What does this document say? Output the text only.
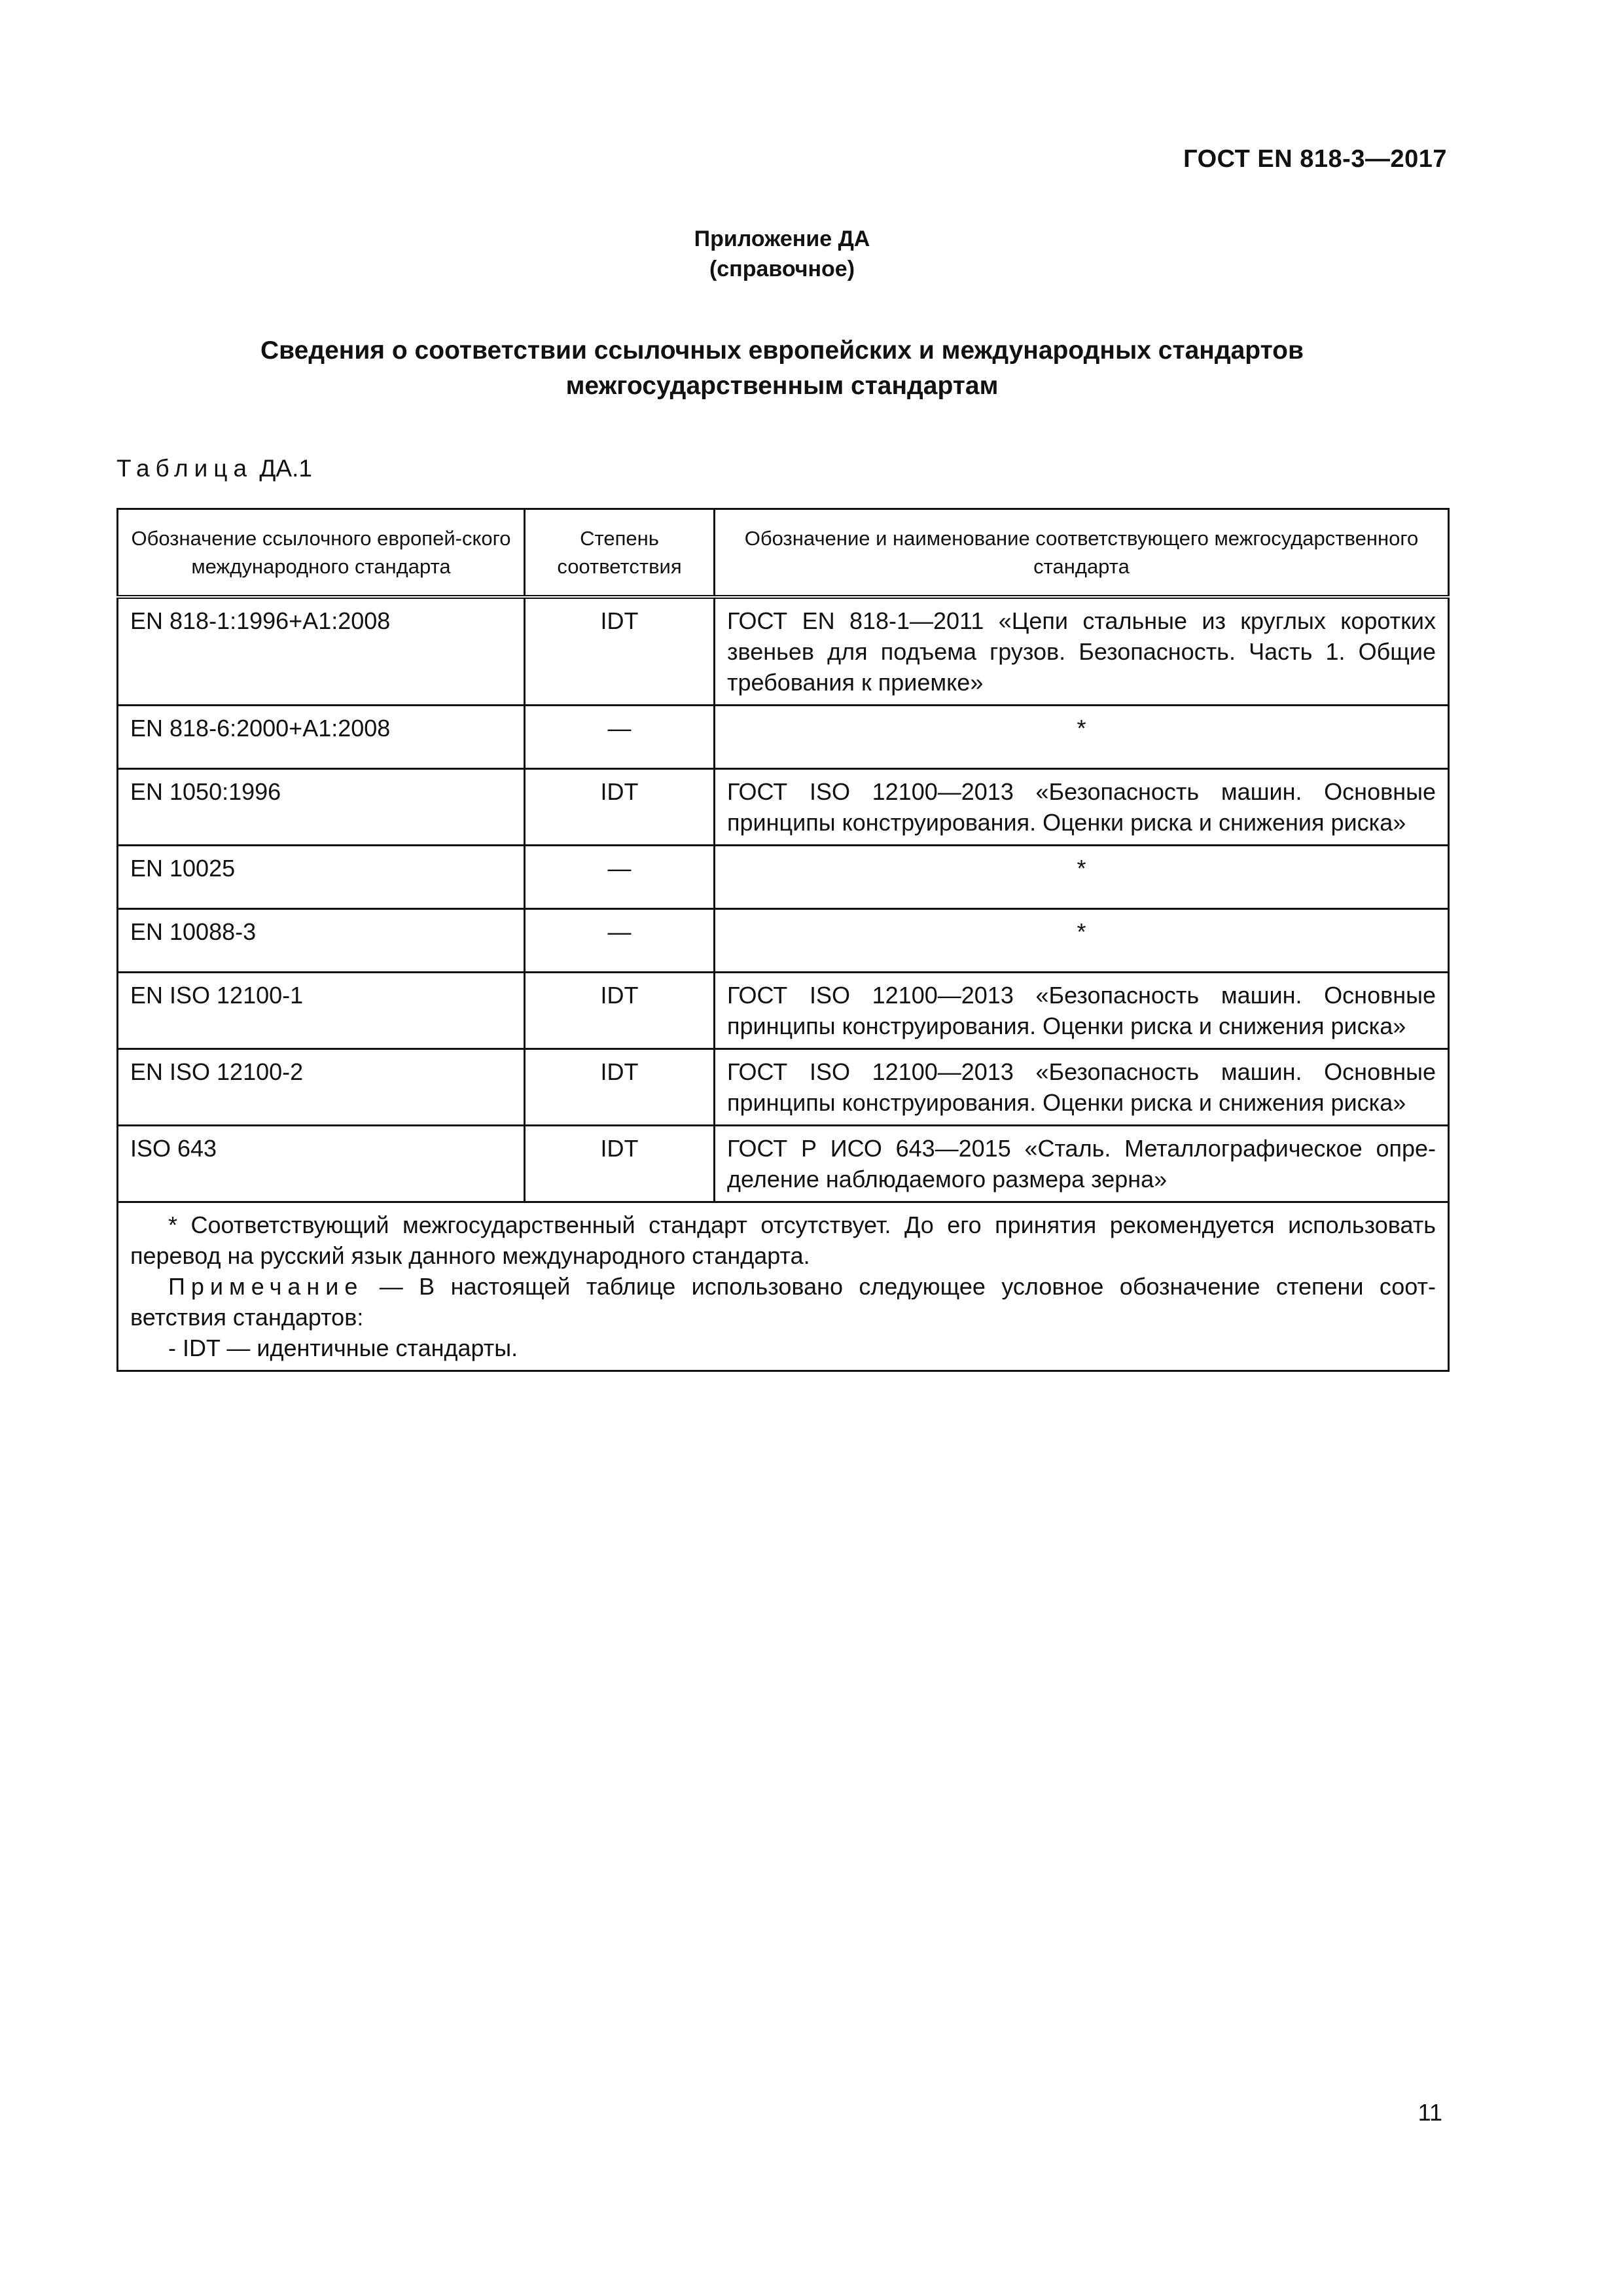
ГОСТ EN 818-3—2017
Приложение ДА
(справочное)
Сведения о соответствии ссылочных европейских и международных стандартов
межгосударственным стандартам
Таблица ДА.1
Обозначение ссылочного европей-ского международного стандарта	Степень соответствия	Обозначение и наименование соответствующего межгосударственного стандарта
EN 818-1:1996+A1:2008	IDT	ГОСТ EN 818-1—2011 «Цепи стальные из круглых коротких звеньев для подъема грузов. Безопасность. Часть 1. Общие требования к приемке»
EN 818-6:2000+A1:2008	—	*
EN 1050:1996	IDT	ГОСТ ISO 12100—2013 «Безопасность машин. Основные принципы конструирования. Оценки риска и снижения риска»
EN 10025	—	*
EN 10088-3	—	*
EN ISO 12100-1	IDT	ГОСТ ISO 12100—2013 «Безопасность машин. Основные принципы конструирования. Оценки риска и снижения риска»
EN ISO 12100-2	IDT	ГОСТ ISO 12100—2013 «Безопасность машин. Основные принципы конструирования. Оценки риска и снижения риска»
ISO 643	IDT	ГОСТ Р ИСО 643—2015 «Сталь. Металлографическое опре-деление наблюдаемого размера зерна»

* Соответствующий межгосударственный стандарт отсутствует. До его принятия рекомендуется использовать перевод на русский язык данного международного стандарта.
Примечание — В настоящей таблице использовано следующее условное обозначение степени соот-ветствия стандартов:
- IDT — идентичные стандарты.		
11
